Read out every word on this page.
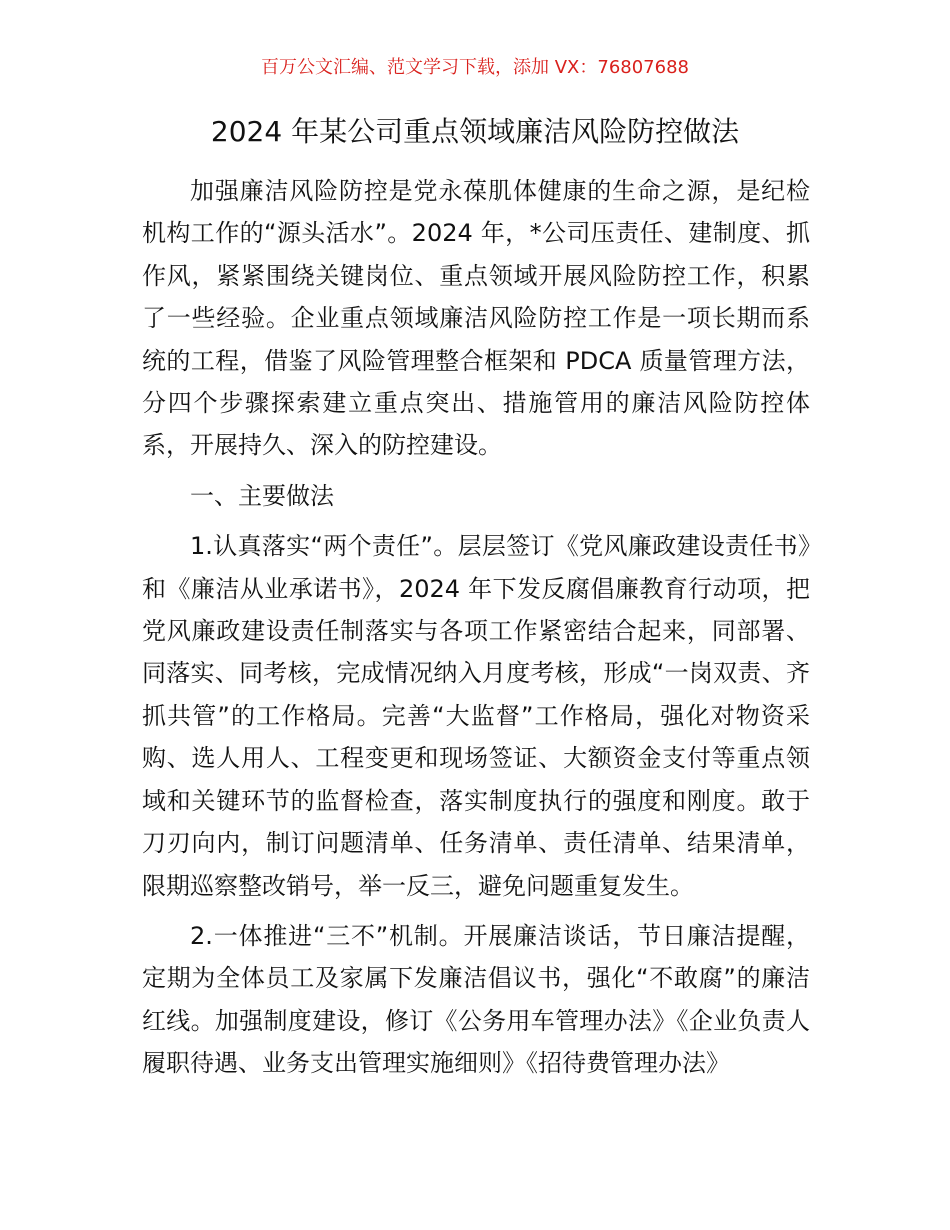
百万公文汇编、范文学习下载，添加 VX：76807688
2024 年某公司重点领域廉洁风险防控做法

加强廉洁风险防控是党永葆肌体健康的生命之源，是纪检机构工作的“源头活水”。2024 年，*公司压责任、建制度、抓作风，紧紧围绕关键岗位、重点领域开展风险防控工作，积累了一些经验。企业重点领域廉洁风险防控工作是一项长期而系统的工程，借鉴了风险管理整合框架和 PDCA 质量管理方法，分四个步骤探索建立重点突出、措施管用的廉洁风险防控体系，开展持久、深入的防控建设。

一、主要做法

1.认真落实“两个责任”。层层签订《党风廉政建设责任书》和《廉洁从业承诺书》，2024 年下发反腐倡廉教育行动项，把党风廉政建设责任制落实与各项工作紧密结合起来，同部署、同落实、同考核，完成情况纳入月度考核，形成“一岗双责、齐抓共管”的工作格局。完善“大监督”工作格局，强化对物资采购、选人用人、工程变更和现场签证、大额资金支付等重点领域和关键环节的监督检查，落实制度执行的强度和刚度。敢于刀刃向内，制订问题清单、任务清单、责任清单、结果清单，限期巡察整改销号，举一反三，避免问题重复发生。

2.一体推进“三不”机制。开展廉洁谈话，节日廉洁提醒，定期为全体员工及家属下发廉洁倡议书，强化“不敢腐”的廉洁红线。加强制度建设，修订《公务用车管理办法》《企业负责人履职待遇、业务支出管理实施细则》《招待费管理办法》
